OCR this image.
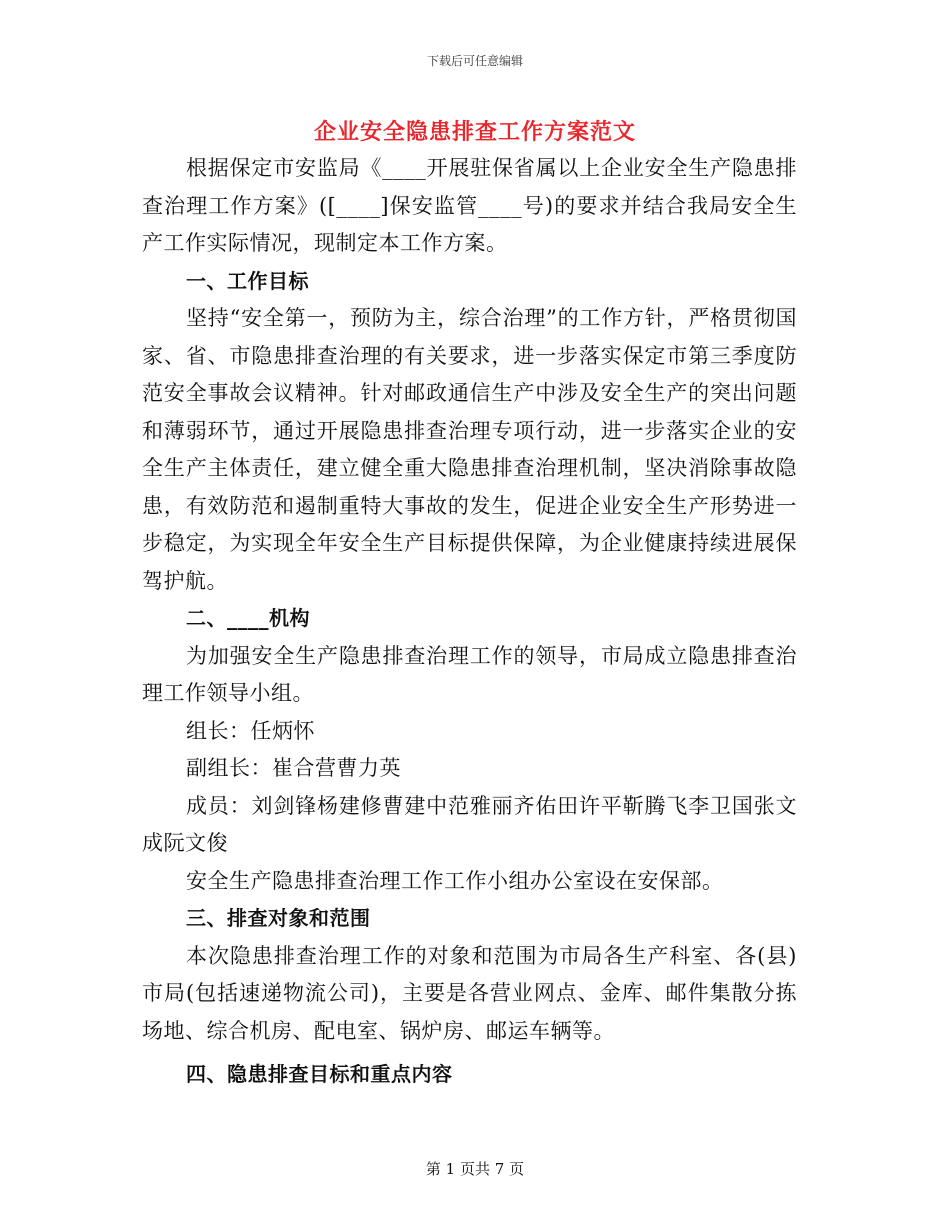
下载后可任意编辑
企业安全隐患排查工作方案范文

根据保定市安监局《____开展驻保省属以上企业安全生产隐患排查治理工作方案》([____]保安监管____号)的要求并结合我局安全生产工作实际情况，现制定本工作方案。

一、工作目标

坚持“安全第一，预防为主，综合治理”的工作方针，严格贯彻国家、省、市隐患排查治理的有关要求，进一步落实保定市第三季度防范安全事故会议精神。针对邮政通信生产中涉及安全生产的突出问题和薄弱环节，通过开展隐患排查治理专项行动，进一步落实企业的安全生产主体责任，建立健全重大隐患排查治理机制，坚决消除事故隐患，有效防范和遏制重特大事故的发生，促进企业安全生产形势进一步稳定，为实现全年安全生产目标提供保障，为企业健康持续进展保驾护航。

二、____机构

为加强安全生产隐患排查治理工作的领导，市局成立隐患排查治理工作领导小组。

组长：任炳怀

副组长：崔合营曹力英

成员：刘剑锋杨建修曹建中范雅丽齐佑田许平靳腾飞李卫国张文成阮文俊

安全生产隐患排查治理工作工作小组办公室设在安保部。

三、排查对象和范围

本次隐患排查治理工作的对象和范围为市局各生产科室、各(县)市局(包括速递物流公司)，主要是各营业网点、金库、邮件集散分拣场地、综合机房、配电室、锅炉房、邮运车辆等。

四、隐患排查目标和重点内容

第 1 页共 7 页
